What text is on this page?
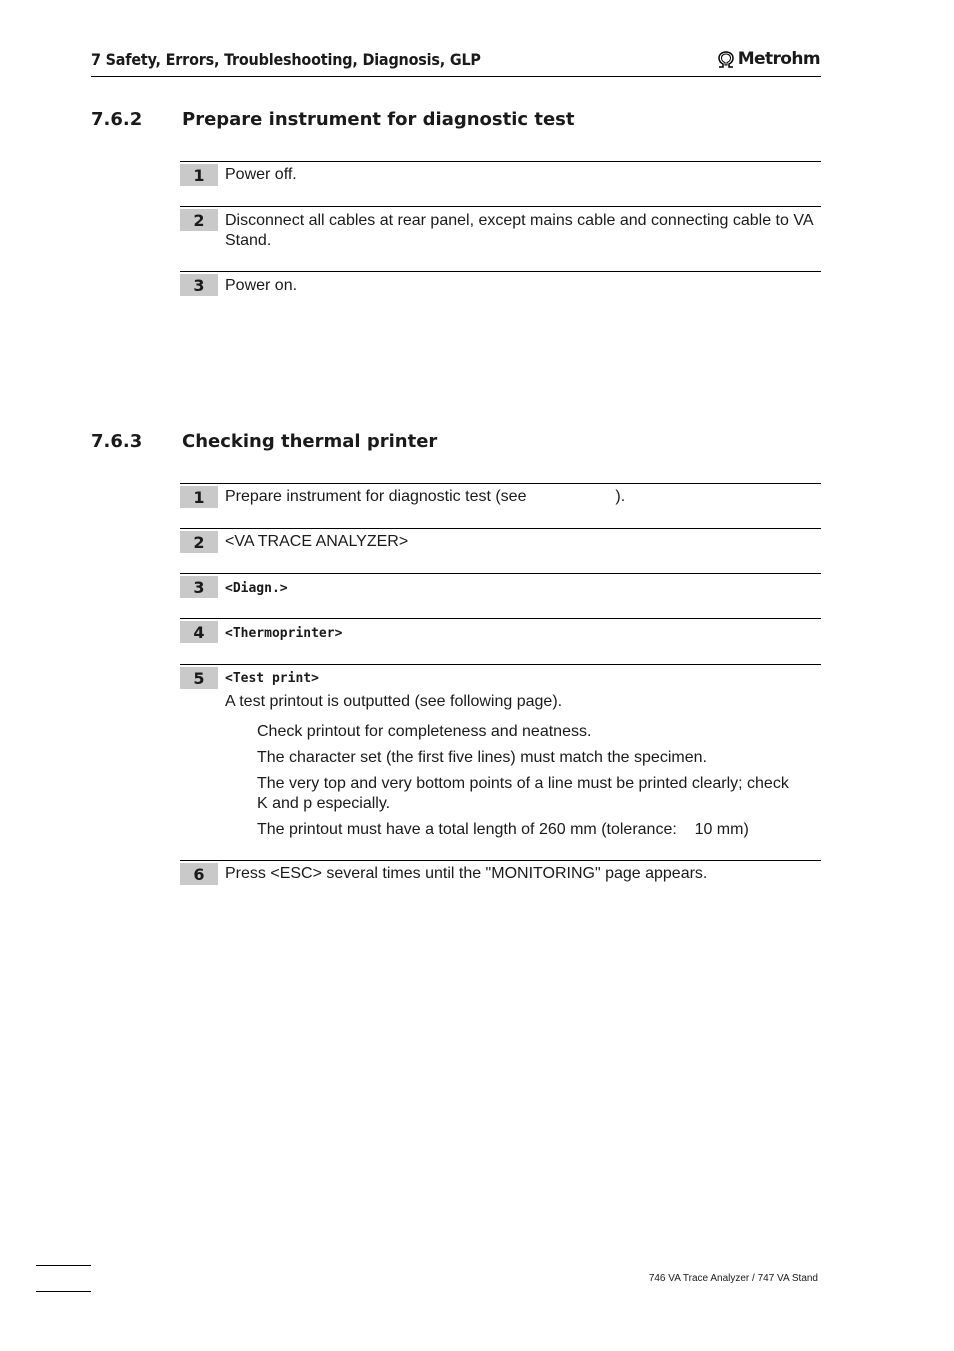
7 Safety, Errors, Troubleshooting, Diagnosis, GLP	Metrohm
7.6.2 Prepare instrument for diagnostic test
1	Power off.
2	Disconnect all cables at rear panel, except mains cable and connecting cable to VA Stand.
3	Power on.
7.6.3 Checking thermal printer
1	Prepare instrument for diagnostic test (see                    ).
2	<VA TRACE ANALYZER>
3	<Diagn.>
4	<Thermoprinter>
5	<Test print>
A test printout is outputted (see following page).
Check printout for completeness and neatness.
The character set (the first five lines) must match the specimen.
The very top and very bottom points of a line must be printed clearly; check K and p especially.
The printout must have a total length of 260 mm (tolerance:    10 mm)
6	Press <ESC> several times until the "MONITORING" page appears.
746 VA Trace Analyzer / 747 VA Stand
